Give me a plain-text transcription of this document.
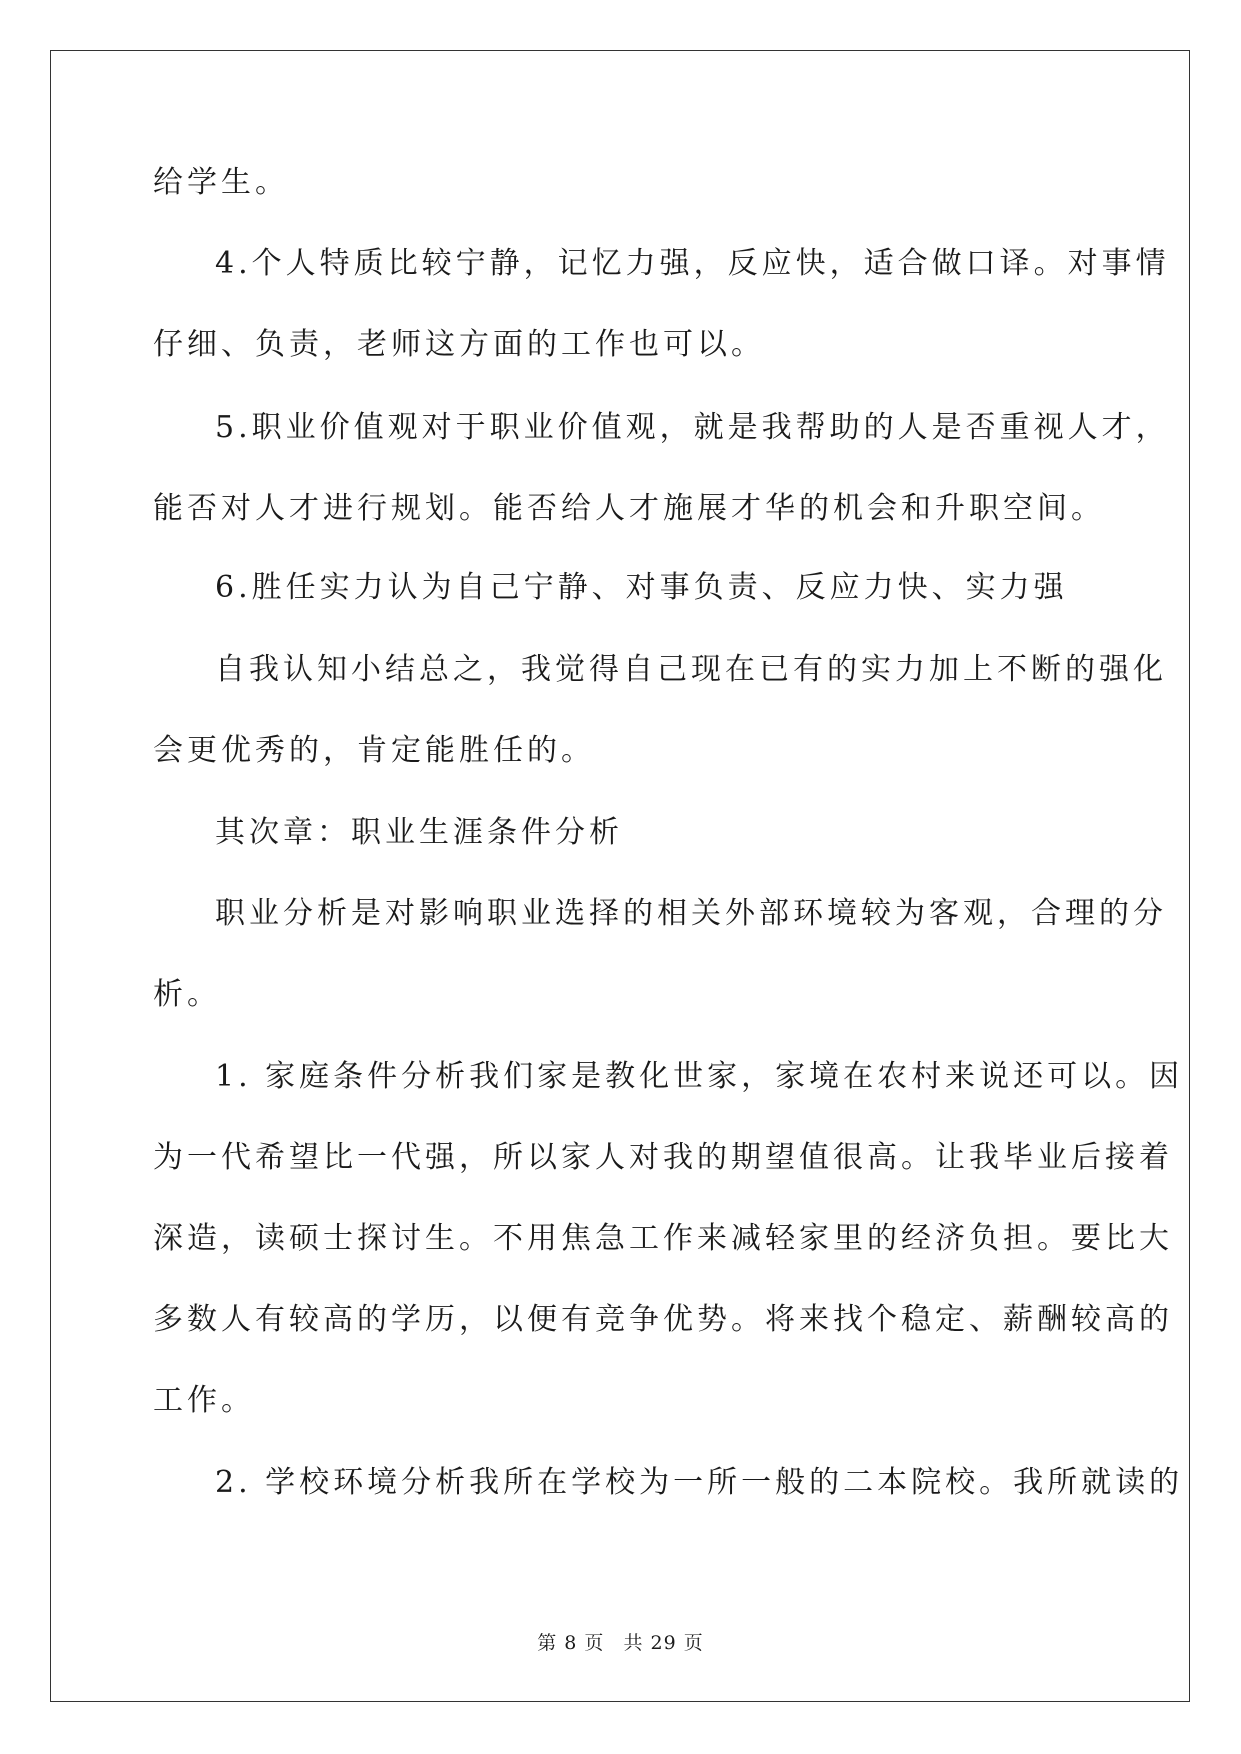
给学生。
4.个人特质比较宁静，记忆力强，反应快，适合做口译。对事情
仔细、负责，老师这方面的工作也可以。
5.职业价值观对于职业价值观，就是我帮助的人是否重视人才，
能否对人才进行规划。能否给人才施展才华的机会和升职空间。
6.胜任实力认为自己宁静、对事负责、反应力快、实力强
自我认知小结总之，我觉得自己现在已有的实力加上不断的强化
会更优秀的，肯定能胜任的。
其次章：职业生涯条件分析
职业分析是对影响职业选择的相关外部环境较为客观，合理的分
析。
1. 家庭条件分析我们家是教化世家，家境在农村来说还可以。因
为一代希望比一代强，所以家人对我的期望值很高。让我毕业后接着
深造，读硕士探讨生。不用焦急工作来减轻家里的经济负担。要比大
多数人有较高的学历，以便有竞争优势。将来找个稳定、薪酬较高的
工作。
2. 学校环境分析我所在学校为一所一般的二本院校。我所就读的
第 8 页 共 29 页
